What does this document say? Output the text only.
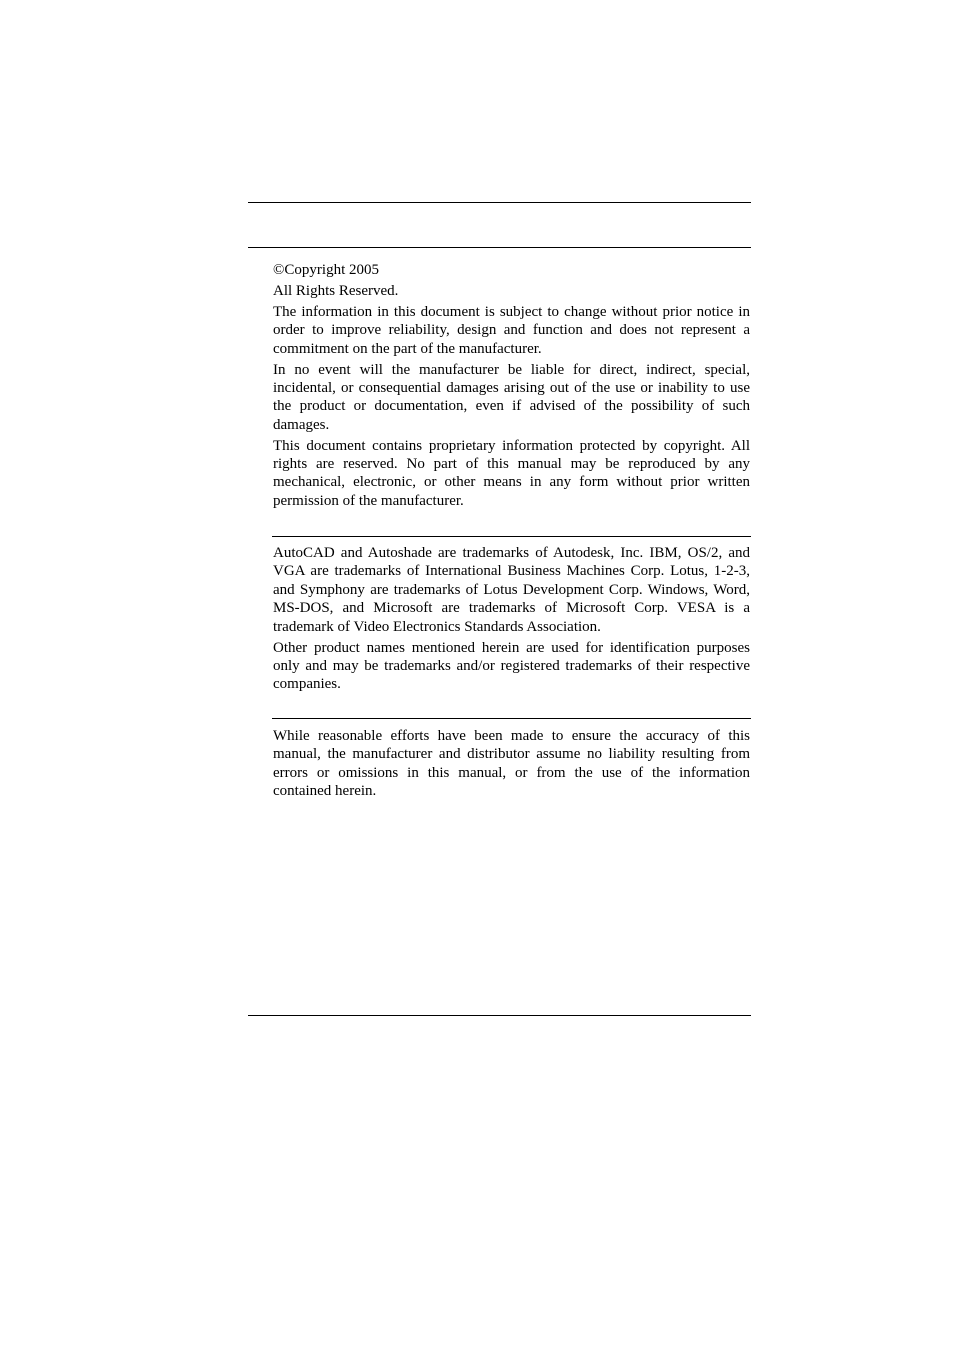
©Copyright 2005

All Rights Reserved.

The information in this document is subject to change without prior notice in order to improve reliability, design and function and does not represent a commitment on the part of the manufacturer.

In no event will the manufacturer be liable for direct, indirect, special, incidental, or consequential damages arising out of the use or inability to use the product or documentation, even if advised of the possibility of such damages.

This document contains proprietary information protected by copyright. All rights are reserved. No part of this manual may be reproduced by any mechanical, electronic, or other means in any form without prior written permission of the manufacturer.

AutoCAD and Autoshade are trademarks of Autodesk, Inc. IBM, OS/2, and VGA are trademarks of International Business Machines Corp. Lotus, 1-2-3, and Symphony are trademarks of Lotus Development Corp. Windows, Word, MS-DOS, and Microsoft are trademarks of Microsoft Corp. VESA is a trademark of Video Electronics Standards Association.

Other product names mentioned herein are used for identification purposes only and may be trademarks and/or registered trademarks of their respective companies.

While reasonable efforts have been made to ensure the accuracy of this manual, the manufacturer and distributor assume no liability resulting from errors or omissions in this manual, or from the use of the information contained herein.
